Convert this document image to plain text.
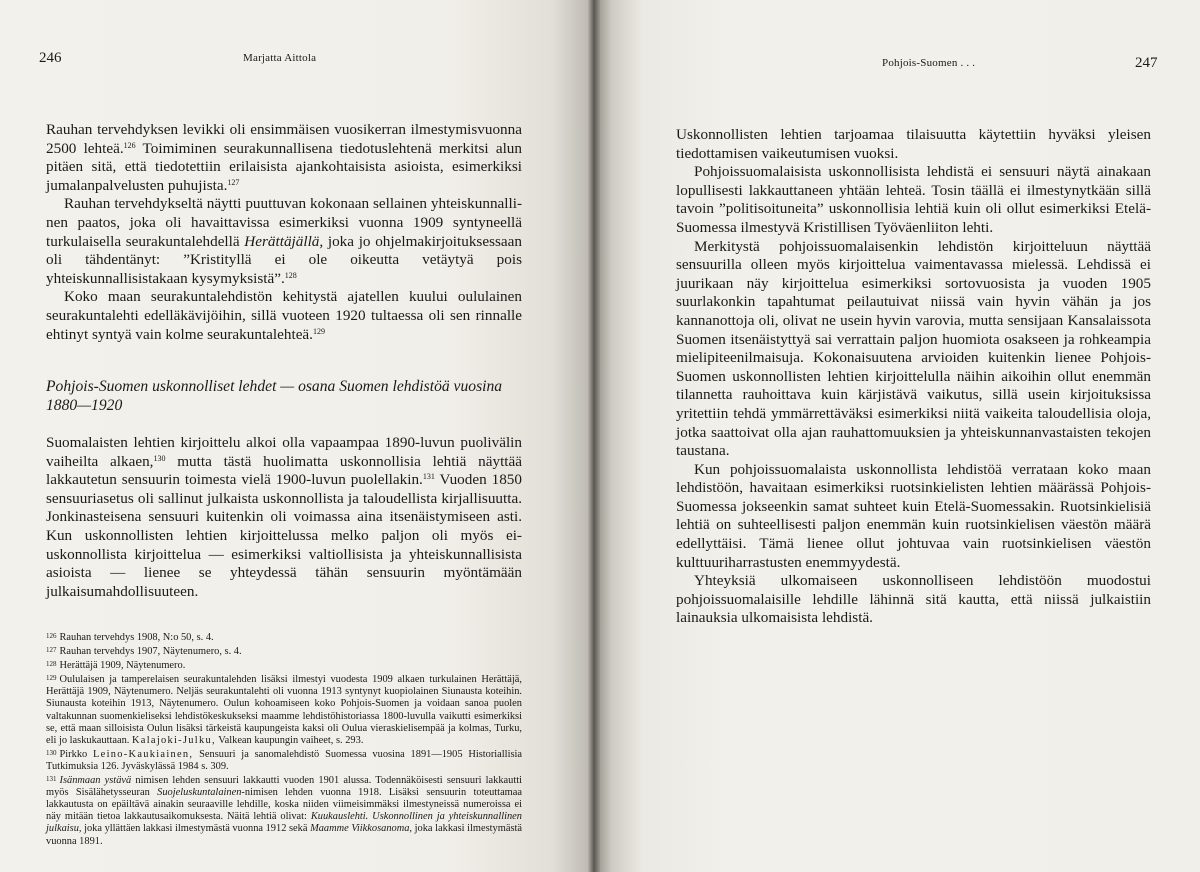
246	Marjatta Aittola

Rauhan tervehdyksen levikki oli ensimmäisen vuosikerran ilmestymisvuonna 2500 lehteä.$^{126}$ Toimiminen seurakunnallisena tiedotuslehtenä merkitsi alun pitäen sitä, että tiedotettiin erilaisista ajankohtaisista asioista, esimerkiksi jumalanpalvelusten puhujista.$^{127}$

Rauhan tervehdykseltä näytti puuttuvan kokonaan sellainen yhteiskunnallinen paatos, joka oli havaittavissa esimerkiksi vuonna 1909 syntyneellä turkulaisella seurakuntalehdellä Herättäjällä, joka jo ohjelmakirjoituksessaan oli tähdentänyt: ”Kristityllä ei ole oikeutta vetäytyä pois yhteiskunnallisistakaan kysymyksistä”.$^{128}$

Koko maan seurakuntalehdistön kehitystä ajatellen kuului oululainen seurakuntalehti edelläkävijöihin, sillä vuoteen 1920 tultaessa oli sen rinnalle ehtinyt syntyä vain kolme seurakuntalehteä.$^{129}$

Pohjois-Suomen uskonnolliset lehdet — osana Suomen lehdistöä vuosina 1880—1920

Suomalaisten lehtien kirjoittelu alkoi olla vapaampaa 1890-luvun puolivälin vaiheilta alkaen,$^{130}$ mutta tästä huolimatta uskonnollisia lehtiä näyttää lakkautetun sensuurin toimesta vielä 1900-luvun puolellakin.$^{131}$ Vuoden 1850 sensuuriasetus oli sallinut julkaista uskonnollista ja taloudellista kirjallisuutta. Jonkinasteisena sensuuri kuitenkin oli voimassa aina itsenäistymiseen asti. Kun uskonnollisten lehtien kirjoittelussa melko paljon oli myös ei-uskonnollista kirjoittelua — esimerkiksi valtiollisista ja yhteiskunnallisista asioista — lienee se yhteydessä tähän sensuurin myöntämään julkaisumahdollisuuteen.

126 Rauhan tervehdys 1908, N:o 50, s. 4.

127 Rauhan tervehdys 1907, Näytenumero, s. 4.

128 Herättäjä 1909, Näytenumero.

129 Oululaisen ja tamperelaisen seurakuntalehden lisäksi ilmestyi vuodesta 1909 alkaen turkulainen Herättäjä, Herättäjä 1909, Näytenumero. Neljäs seurakuntalehti oli vuonna 1913 syntynyt kuopiolainen Siunausta koteihin. Siunausta koteihin 1913, Näytenumero. Oulun kohoamiseen koko Pohjois-Suomen ja voidaan sanoa puolen valtakunnan suomenkieliseksi lehdistökeskukseksi maamme lehdistöhistoriassa 1800-luvulla vaikutti esimerkiksi se, että maan silloisista Oulun lisäksi tärkeistä kaupungeista kaksi oli Oulua vieraskielisempää ja kolmas, Turku, eli jo laskukauttaan. Kalajoki-Julku, Valkean kaupungin vaiheet, s. 293.

130 Pirkko Leino-Kaukiainen, Sensuuri ja sanomalehdistö Suomessa vuosina 1891—1905 Historiallisia Tutkimuksia 126. Jyväskylässä 1984 s. 309.

131 Isänmaan ystävä nimisen lehden sensuuri lakkautti vuoden 1901 alussa. Todennäköisesti sensuuri lakkautti myös Sisälähetysseuran Suojeluskuntalainen-nimisen lehden vuonna 1918. Lisäksi sensuurin toteuttamaa lakkautusta on epäiltävä ainakin seuraaville lehdille, koska niiden viimeisimmäksi ilmestyneissä numeroissa ei näy mitään tietoa lakkautusaikomuksesta. Näitä lehtiä olivat: Kuukauslehti. Uskonnollinen ja yhteiskunnallinen julkaisu, joka yllättäen lakkasi ilmestymästä vuonna 1912 sekä Maamme Viikkosanoma, joka lakkasi ilmestymästä vuonna 1891.

Pohjois-Suomen . . .	247

Uskonnollisten lehtien tarjoamaa tilaisuutta käytettiin hyväksi yleisen tiedottamisen vaikeutumisen vuoksi.

Pohjoissuomalaisista uskonnollisista lehdistä ei sensuuri näytä ainakaan lopullisesti lakkauttaneen yhtään lehteä. Tosin täällä ei ilmestynytkään sillä tavoin ”politisoituneita” uskonnollisia lehtiä kuin oli ollut esimerkiksi Etelä-Suomessa ilmestyvä Kristillisen Työväenliiton lehti.

Merkitystä pohjoissuomalaisenkin lehdistön kirjoitteluun näyttää sensuurilla olleen myös kirjoittelua vaimentavassa mielessä. Lehdissä ei juurikaan näy kirjoittelua esimerkiksi sortovuosista ja vuoden 1905 suurlakonkin tapahtumat peilautuivat niissä vain hyvin vähän ja jos kannanottoja oli, olivat ne usein hyvin varovia, mutta sensijaan Kansalaissota Suomen itsenäistyttyä sai verrattain paljon huomiota osakseen ja rohkeampia mielipiteenilmaisuja. Kokonaisuutena arvioiden kuitenkin lienee Pohjois-Suomen uskonnollisten lehtien kirjoittelulla näihin aikoihin ollut enemmän tilannetta rauhoittava kuin kärjistävä vaikutus, sillä usein kirjoituksissa yritettiin tehdä ymmärrettäväksi esimerkiksi niitä vaikeita taloudellisia oloja, jotka saattoivat olla ajan rauhattomuuksien ja yhteiskunnanvastaisten tekojen taustana.

Kun pohjoissuomalaista uskonnollista lehdistöä verrataan koko maan lehdistöön, havaitaan esimerkiksi ruotsinkielisten lehtien määrässä Pohjois-Suomessa jokseenkin samat suhteet kuin Etelä-Suomessakin. Ruotsinkielisiä lehtiä on suhteellisesti paljon enemmän kuin ruotsinkielisen väestön määrä edellyttäisi. Tämä lienee ollut johtuvaa vain ruotsinkielisen väestön kulttuuriharrastusten enemmyydestä.

Yhteyksiä ulkomaiseen uskonnolliseen lehdistöön muodostui pohjoissuomalaisille lehdille lähinnä sitä kautta, että niissä julkaistiin lainauksia ulkomaisista lehdistä.
